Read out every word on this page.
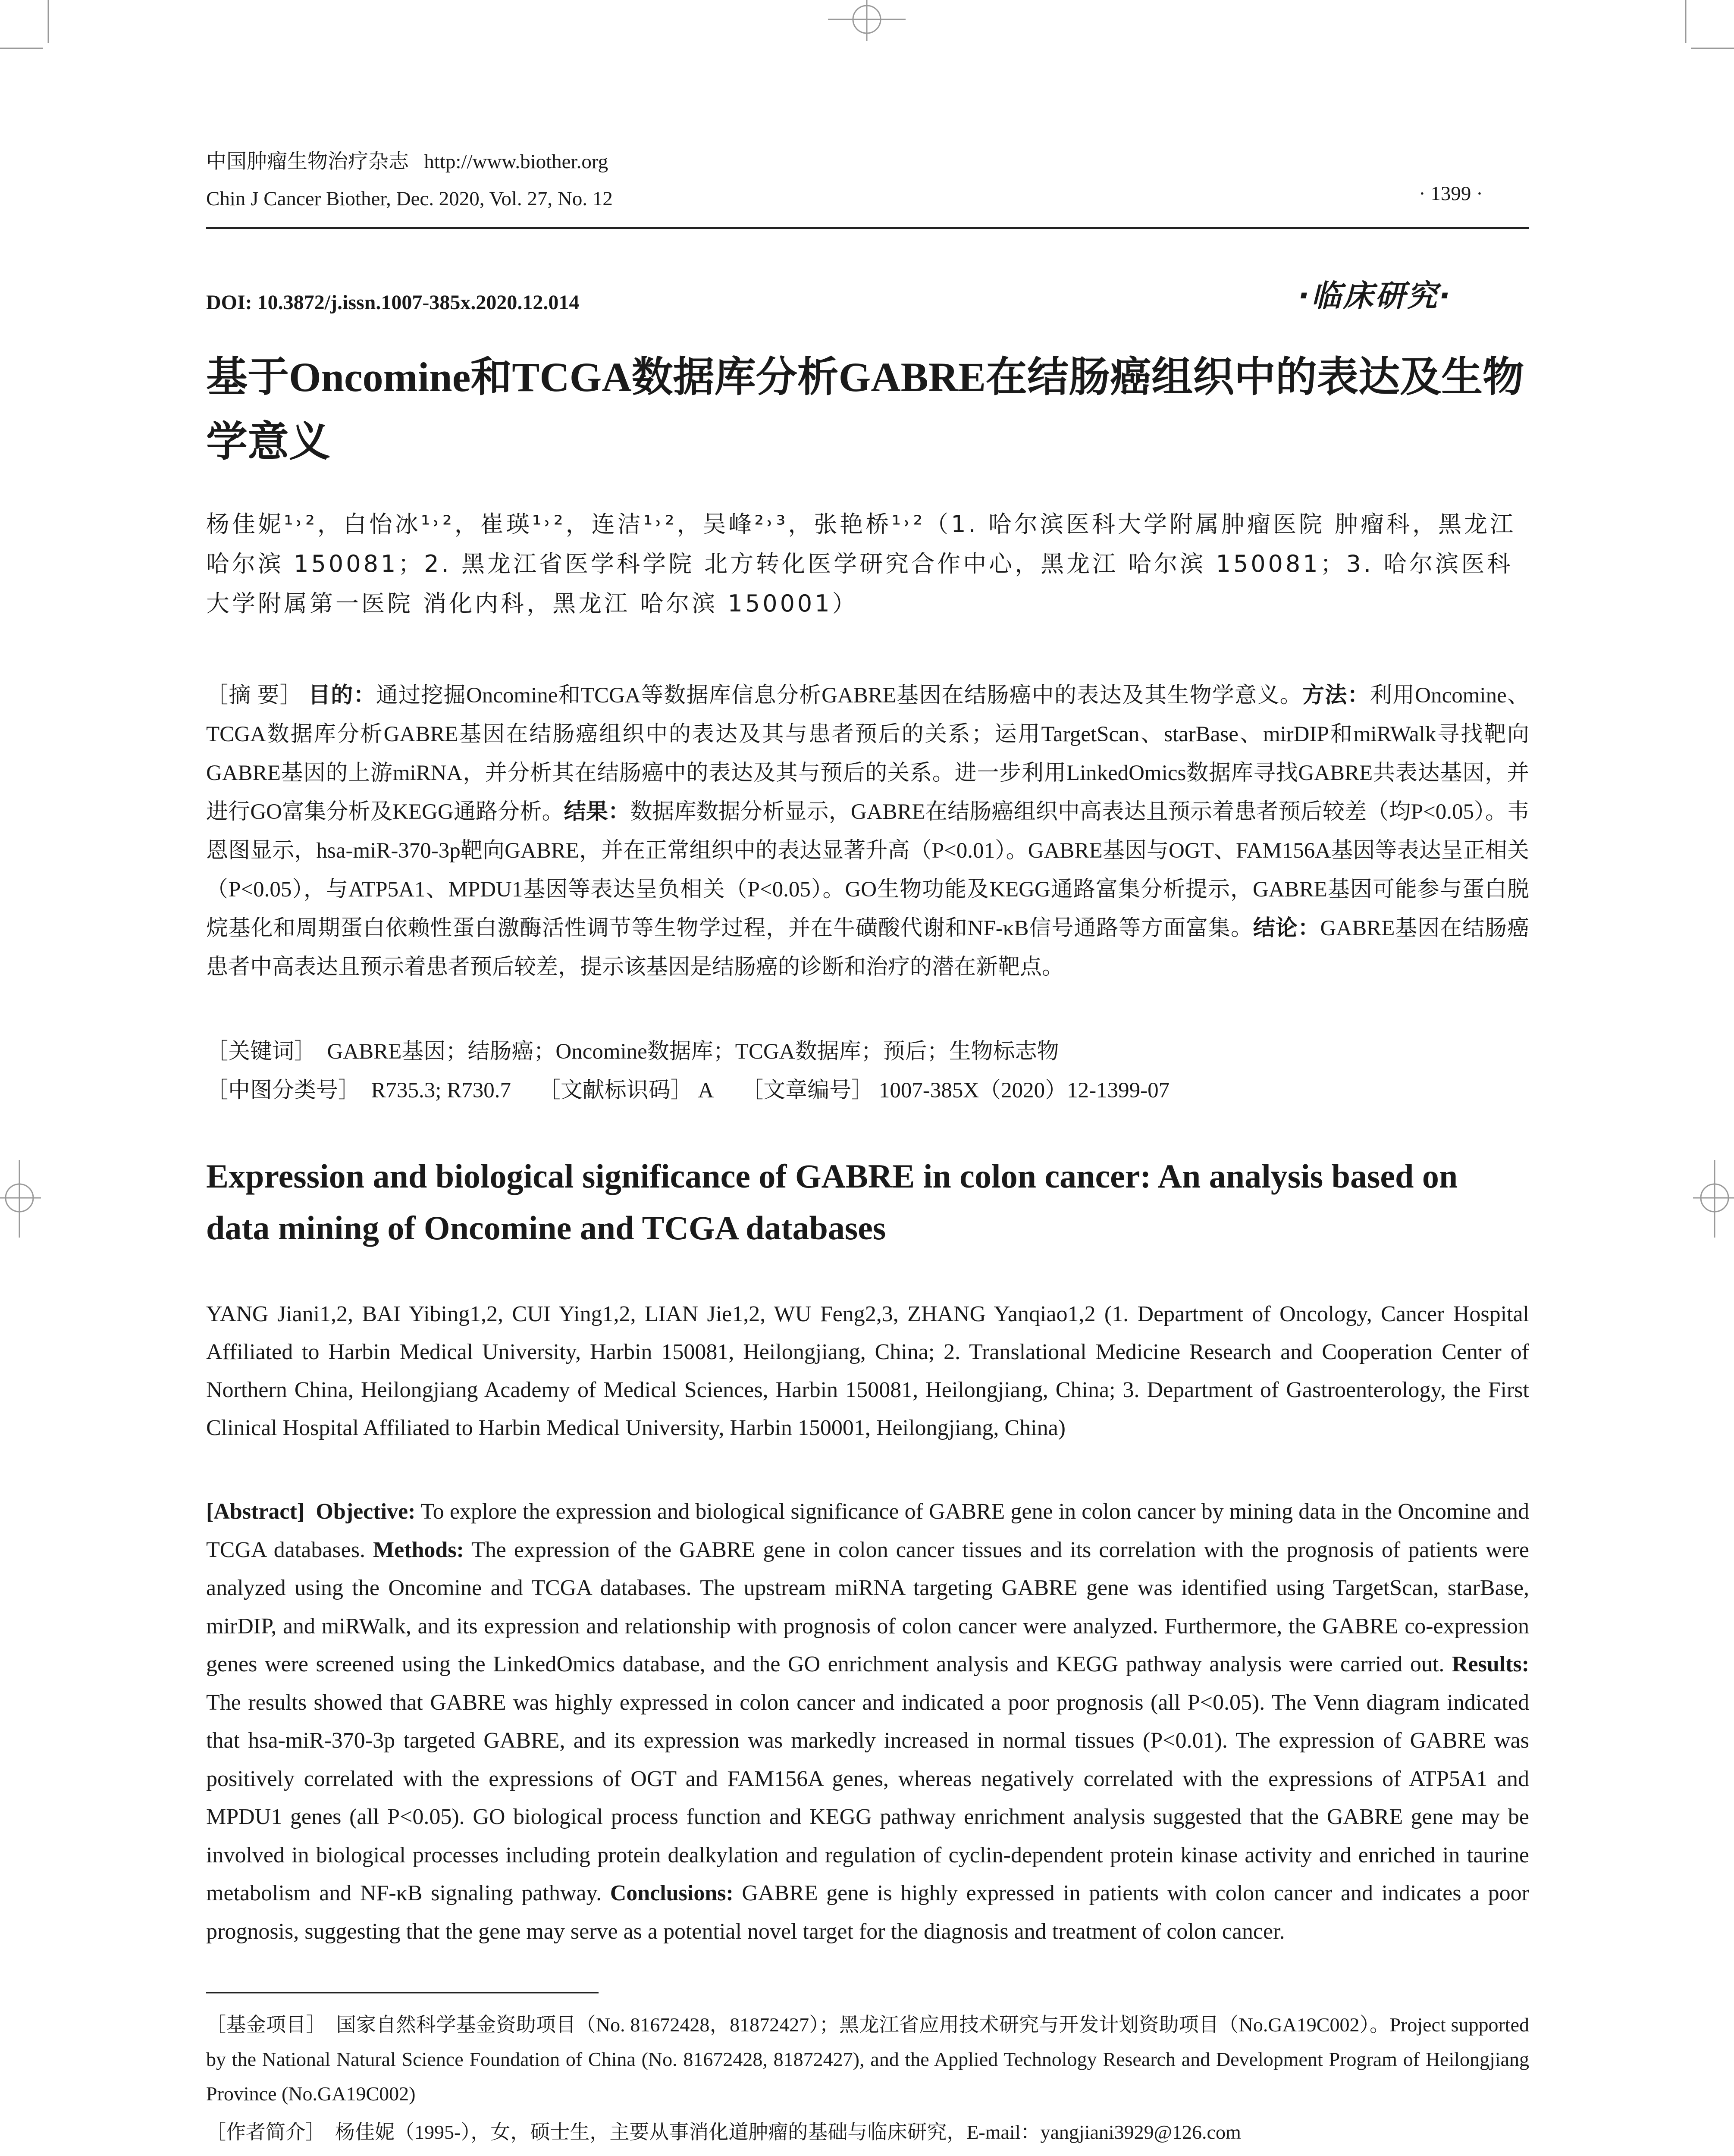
中国肿瘤生物治疗杂志 http://www.biother.org
Chin J Cancer Biother, Dec. 2020, Vol. 27, No. 12	· 1399 ·
DOI: 10.3872/j.issn.1007-385x.2020.12.014	·临床研究·
基于Oncomine和TCGA数据库分析GABRE在结肠癌组织中的表达及生物学意义
杨佳妮¹˒²，白怡冰¹˒²，崔瑛¹˒²，连洁¹˒²，吴峰²˒³，张艳桥¹˒²（1. 哈尔滨医科大学附属肿瘤医院 肿瘤科，黑龙江 哈尔滨 150081；2. 黑龙江省医学科学院 北方转化医学研究合作中心，黑龙江 哈尔滨 150081；3. 哈尔滨医科大学附属第一医院 消化内科，黑龙江 哈尔滨 150001）
［摘 要］ 目的：通过挖掘Oncomine和TCGA等数据库信息分析GABRE基因在结肠癌中的表达及其生物学意义。方法：利用Oncomine、TCGA数据库分析GABRE基因在结肠癌组织中的表达及其与患者预后的关系；运用TargetScan、starBase、mirDIP和miRWalk寻找靶向GABRE基因的上游miRNA，并分析其在结肠癌中的表达及其与预后的关系。进一步利用LinkedOmics数据库寻找GABRE共表达基因，并进行GO富集分析及KEGG通路分析。结果：数据库数据分析显示，GABRE在结肠癌组织中高表达且预示着患者预后较差（均P<0.05）。韦恩图显示，hsa-miR-370-3p靶向GABRE，并在正常组织中的表达显著升高（P<0.01）。GABRE基因与OGT、FAM156A基因等表达呈正相关（P<0.05），与ATP5A1、MPDU1基因等表达呈负相关（P<0.05）。GO生物功能及KEGG通路富集分析提示，GABRE基因可能参与蛋白脱烷基化和周期蛋白依赖性蛋白激酶活性调节等生物学过程，并在牛磺酸代谢和NF-κB信号通路等方面富集。结论：GABRE基因在结肠癌患者中高表达且预示着患者预后较差，提示该基因是结肠癌的诊断和治疗的潜在新靶点。
［关键词］ GABRE基因；结肠癌；Oncomine数据库；TCGA数据库；预后；生物标志物
［中图分类号］ R735.3; R730.7 ［文献标识码］ A ［文章编号］ 1007-385X（2020）12-1399-07
Expression and biological significance of GABRE in colon cancer: An analysis based on data mining of Oncomine and TCGA databases
YANG Jiani1,2, BAI Yibing1,2, CUI Ying1,2, LIAN Jie1,2, WU Feng2,3, ZHANG Yanqiao1,2 (1. Department of Oncology, Cancer Hospital Affiliated to Harbin Medical University, Harbin 150081, Heilongjiang, China; 2. Translational Medicine Research and Cooperation Center of Northern China, Heilongjiang Academy of Medical Sciences, Harbin 150081, Heilongjiang, China; 3. Department of Gastroenterology, the First Clinical Hospital Affiliated to Harbin Medical University, Harbin 150001, Heilongjiang, China)
[Abstract] Objective: To explore the expression and biological significance of GABRE gene in colon cancer by mining data in the Oncomine and TCGA databases. Methods: The expression of the GABRE gene in colon cancer tissues and its correlation with the prognosis of patients were analyzed using the Oncomine and TCGA databases. The upstream miRNA targeting GABRE gene was identified using TargetScan, starBase, mirDIP, and miRWalk, and its expression and relationship with prognosis of colon cancer were analyzed. Furthermore, the GABRE co-expression genes were screened using the LinkedOmics database, and the GO enrichment analysis and KEGG pathway analysis were carried out. Results: The results showed that GABRE was highly expressed in colon cancer and indicated a poor prognosis (all P<0.05). The Venn diagram indicated that hsa-miR-370-3p targeted GABRE, and its expression was markedly increased in normal tissues (P<0.01). The expression of GABRE was positively correlated with the expressions of OGT and FAM156A genes, whereas negatively correlated with the expressions of ATP5A1 and MPDU1 genes (all P<0.05). GO biological process function and KEGG pathway enrichment analysis suggested that the GABRE gene may be involved in biological processes including protein dealkylation and regulation of cyclin-dependent protein kinase activity and enriched in taurine metabolism and NF-κB signaling pathway. Conclusions: GABRE gene is highly expressed in patients with colon cancer and indicates a poor prognosis, suggesting that the gene may serve as a potential novel target for the diagnosis and treatment of colon cancer.
［基金项目］ 国家自然科学基金资助项目（No. 81672428，81872427）；黑龙江省应用技术研究与开发计划资助项目（No.GA19C002）。Project supported by the National Natural Science Foundation of China (No. 81672428, 81872427), and the Applied Technology Research and Development Program of Heilongjiang Province (No.GA19C002)
［作者简介］ 杨佳妮（1995-），女，硕士生，主要从事消化道肿瘤的基础与临床研究，E-mail：yangjiani3929@126.com
